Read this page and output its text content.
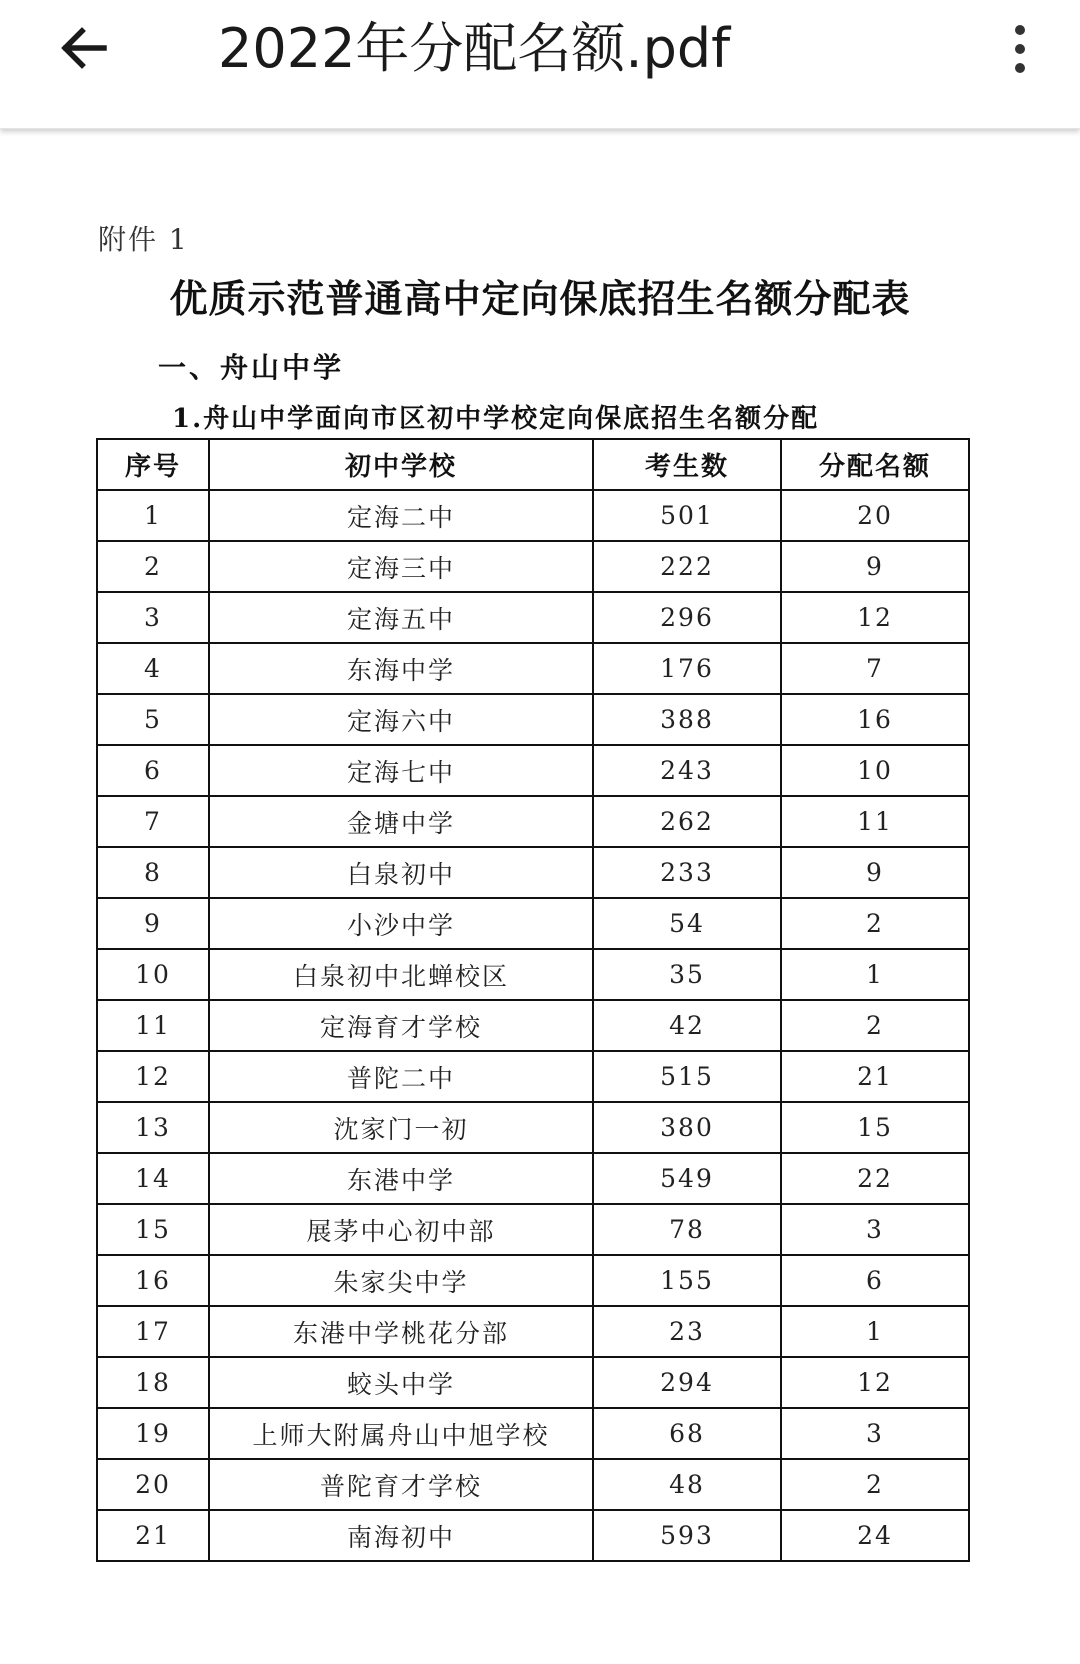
2022年分配名额.pdf
附件 1
优质示范普通高中定向保底招生名额分配表
一、舟山中学
1.舟山中学面向市区初中学校定向保底招生名额分配
序号	初中学校	考生数	分配名额
1	定海二中	501	20
2	定海三中	222	9
3	定海五中	296	12
4	东海中学	176	7
5	定海六中	388	16
6	定海七中	243	10
7	金塘中学	262	11
8	白泉初中	233	9
9	小沙中学	54	2
10	白泉初中北蝉校区	35	1
11	定海育才学校	42	2
12	普陀二中	515	21
13	沈家门一初	380	15
14	东港中学	549	22
15	展茅中心初中部	78	3
16	朱家尖中学	155	6
17	东港中学桃花分部	23	1
18	蛟头中学	294	12
19	上师大附属舟山中旭学校	68	3
20	普陀育才学校	48	2
21	南海初中	593	24
